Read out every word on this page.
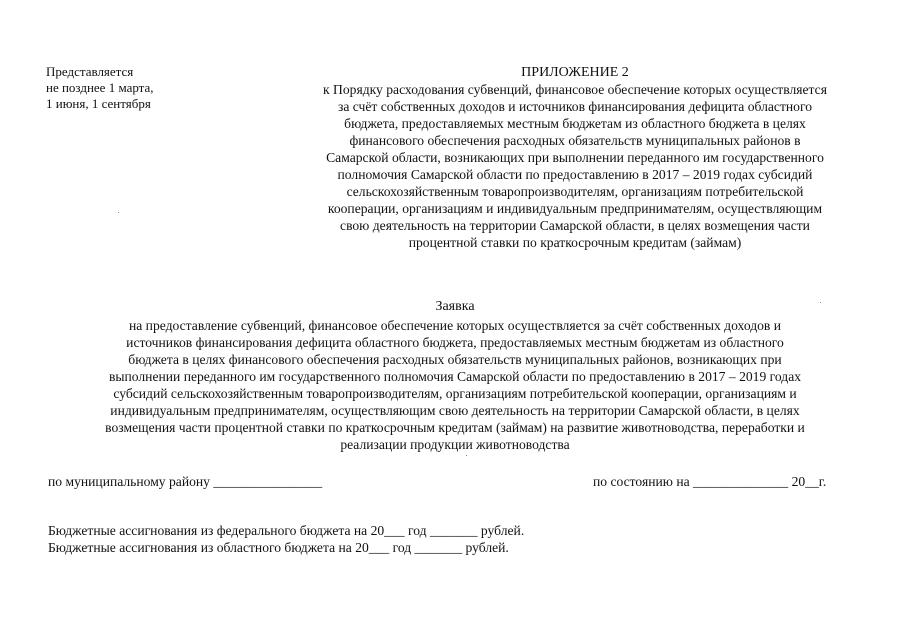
Представляется
не позднее 1 марта,
1 июня, 1 сентября
ПРИЛОЖЕНИЕ 2
к Порядку расходования субвенций, финансовое обеспечение которых осуществляется
за счёт собственных доходов и источников финансирования дефицита областного
бюджета, предоставляемых местным бюджетам из областного бюджета в целях
финансового обеспечения расходных обязательств муниципальных районов в
Самарской области, возникающих при выполнении переданного им государственного
полномочия Самарской области по предоставлению в 2017 – 2019 годах субсидий
сельскохозяйственным товаропроизводителям, организациям потребительской
кооперации, организациям и индивидуальным предпринимателям, осуществляющим
свою деятельность на территории Самарской области, в целях возмещения части
процентной ставки по краткосрочным кредитам (займам)
Заявка
на предоставление субвенций, финансовое обеспечение которых осуществляется за счёт собственных доходов и
источников финансирования дефицита областного бюджета, предоставляемых местным бюджетам из областного
бюджета в целях финансового обеспечения расходных обязательств муниципальных районов, возникающих при
выполнении переданного им государственного полномочия Самарской области по предоставлению в 2017 – 2019 годах
субсидий сельскохозяйственным товаропроизводителям, организациям потребительской кооперации, организациям и
индивидуальным предпринимателям, осуществляющим свою деятельность на территории Самарской области, в целях
возмещения части процентной ставки по краткосрочным кредитам (займам) на развитие животноводства, переработки и
реализации продукции животноводства
по муниципальному району ________________	по состоянию на ______________ 20__г.
Бюджетные ассигнования из федерального бюджета на 20___ год _______ рублей.
Бюджетные ассигнования из областного бюджета на 20___ год _______ рублей.
